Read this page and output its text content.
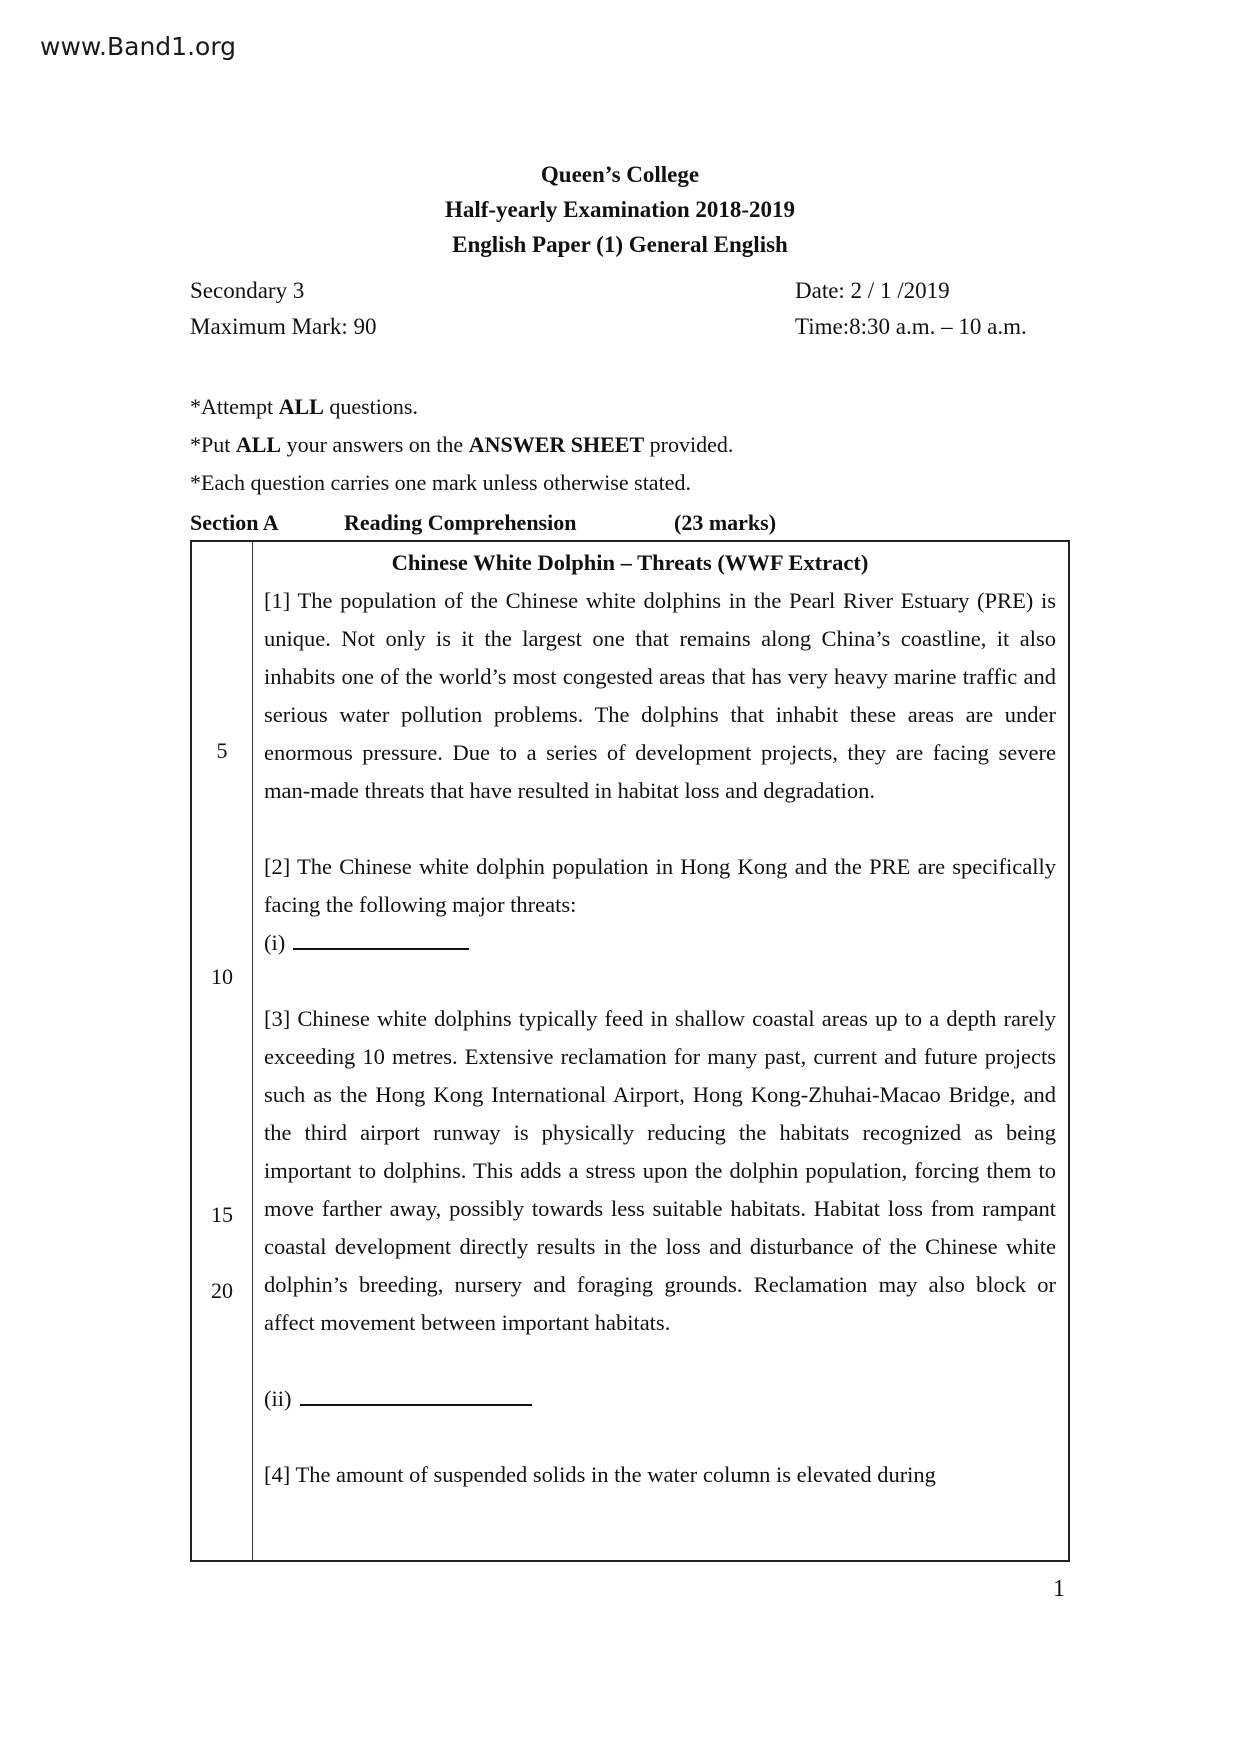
www.Band1.org
Queen’s College
Half-yearly Examination 2018-2019
English Paper (1) General English
Secondary 3
Maximum Mark: 90
Date: 2 / 1 /2019
Time:8:30 a.m. – 10 a.m.
*Attempt ALL questions.
*Put ALL your answers on the ANSWER SHEET provided.
*Each question carries one mark unless otherwise stated.
Section A	Reading Comprehension	(23 marks)
5
10
15
20
Chinese White Dolphin – Threats (WWF Extract)
[1] The population of the Chinese white dolphins in the Pearl River Estuary (PRE) is unique. Not only is it the largest one that remains along China’s coastline, it also inhabits one of the world’s most congested areas that has very heavy marine traffic and serious water pollution problems. The dolphins that inhabit these areas are under enormous pressure. Due to a series of development projects, they are facing severe man-made threats that have resulted in habitat loss and degradation.
[2] The Chinese white dolphin population in Hong Kong and the PRE are specifically facing the following major threats:
(i)
[3] Chinese white dolphins typically feed in shallow coastal areas up to a depth rarely exceeding 10 metres. Extensive reclamation for many past, current and future projects such as the Hong Kong International Airport, Hong Kong-Zhuhai-Macao Bridge, and the third airport runway is physically reducing the habitats recognized as being important to dolphins. This adds a stress upon the dolphin population, forcing them to move farther away, possibly towards less suitable habitats. Habitat loss from rampant coastal development directly results in the loss and disturbance of the Chinese white dolphin’s breeding, nursery and foraging grounds. Reclamation may also block or affect movement between important habitats.
(ii)
[4] The amount of suspended solids in the water column is elevated during
1
